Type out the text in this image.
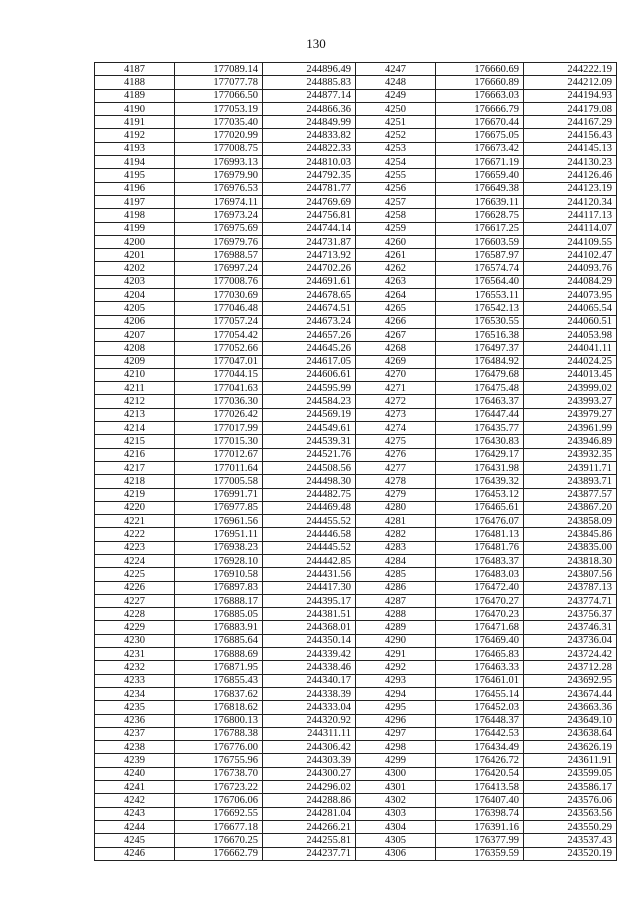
130
4187	177089.14	244896.49	4247	176660.69	244222.19
4188	177077.78	244885.83	4248	176660.89	244212.09
4189	177066.50	244877.14	4249	176663.03	244194.93
4190	177053.19	244866.36	4250	176666.79	244179.08
4191	177035.40	244849.99	4251	176670.44	244167.29
4192	177020.99	244833.82	4252	176675.05	244156.43
4193	177008.75	244822.33	4253	176673.42	244145.13
4194	176993.13	244810.03	4254	176671.19	244130.23
4195	176979.90	244792.35	4255	176659.40	244126.46
4196	176976.53	244781.77	4256	176649.38	244123.19
4197	176974.11	244769.69	4257	176639.11	244120.34
4198	176973.24	244756.81	4258	176628.75	244117.13
4199	176975.69	244744.14	4259	176617.25	244114.07
4200	176979.76	244731.87	4260	176603.59	244109.55
4201	176988.57	244713.92	4261	176587.97	244102.47
4202	176997.24	244702.26	4262	176574.74	244093.76
4203	177008.76	244691.61	4263	176564.40	244084.29
4204	177030.69	244678.65	4264	176553.11	244073.95
4205	177046.48	244674.51	4265	176542.13	244065.54
4206	177057.24	244673.24	4266	176530.55	244060.51
4207	177054.42	244657.26	4267	176516.38	244053.98
4208	177052.66	244645.26	4268	176497.37	244041.11
4209	177047.01	244617.05	4269	176484.92	244024.25
4210	177044.15	244606.61	4270	176479.68	244013.45
4211	177041.63	244595.99	4271	176475.48	243999.02
4212	177036.30	244584.23	4272	176463.37	243993.27
4213	177026.42	244569.19	4273	176447.44	243979.27
4214	177017.99	244549.61	4274	176435.77	243961.99
4215	177015.30	244539.31	4275	176430.83	243946.89
4216	177012.67	244521.76	4276	176429.17	243932.35
4217	177011.64	244508.56	4277	176431.98	243911.71
4218	177005.58	244498.30	4278	176439.32	243893.71
4219	176991.71	244482.75	4279	176453.12	243877.57
4220	176977.85	244469.48	4280	176465.61	243867.20
4221	176961.56	244455.52	4281	176476.07	243858.09
4222	176951.11	244446.58	4282	176481.13	243845.86
4223	176938.23	244445.52	4283	176481.76	243835.00
4224	176928.10	244442.85	4284	176483.37	243818.30
4225	176910.58	244431.56	4285	176483.03	243807.56
4226	176897.83	244417.30	4286	176472.40	243787.13
4227	176888.17	244395.17	4287	176470.27	243774.71
4228	176885.05	244381.51	4288	176470.23	243756.37
4229	176883.91	244368.01	4289	176471.68	243746.31
4230	176885.64	244350.14	4290	176469.40	243736.04
4231	176888.69	244339.42	4291	176465.83	243724.42
4232	176871.95	244338.46	4292	176463.33	243712.28
4233	176855.43	244340.17	4293	176461.01	243692.95
4234	176837.62	244338.39	4294	176455.14	243674.44
4235	176818.62	244333.04	4295	176452.03	243663.36
4236	176800.13	244320.92	4296	176448.37	243649.10
4237	176788.38	244311.11	4297	176442.53	243638.64
4238	176776.00	244306.42	4298	176434.49	243626.19
4239	176755.96	244303.39	4299	176426.72	243611.91
4240	176738.70	244300.27	4300	176420.54	243599.05
4241	176723.22	244296.02	4301	176413.58	243586.17
4242	176706.06	244288.86	4302	176407.40	243576.06
4243	176692.55	244281.04	4303	176398.74	243563.56
4244	176677.18	244266.21	4304	176391.16	243550.29
4245	176670.25	244255.81	4305	176377.99	243537.43
4246	176662.79	244237.71	4306	176359.59	243520.19
